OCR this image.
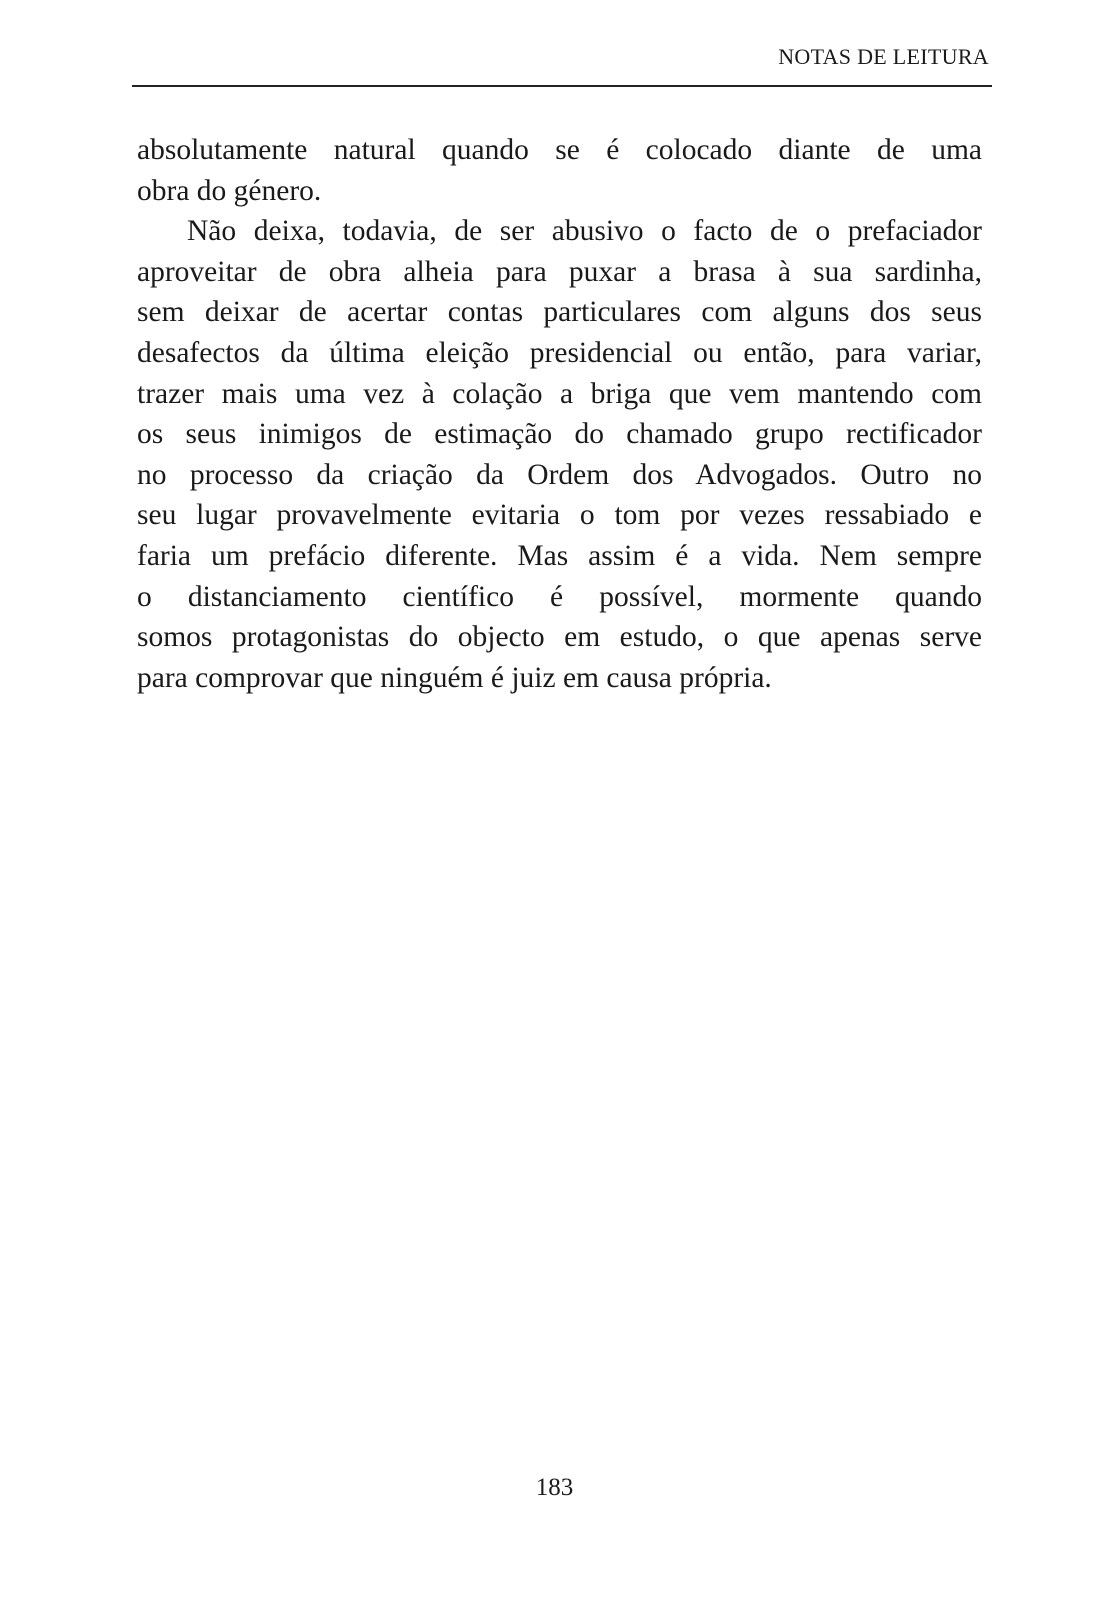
NOTAS DE LEITURA
absolutamente natural quando se é colocado diante de uma
obra do género.
Não deixa, todavia, de ser abusivo o facto de o prefaciador
aproveitar de obra alheia para puxar a brasa à sua sardinha,
sem deixar de acertar contas particulares com alguns dos seus
desafectos da última eleição presidencial ou então, para variar,
trazer mais uma vez à colação a briga que vem mantendo com
os seus inimigos de estimação do chamado grupo rectificador
no processo da criação da Ordem dos Advogados. Outro no
seu lugar provavelmente evitaria o tom por vezes ressabiado e
faria um prefácio diferente. Mas assim é a vida. Nem sempre
o distanciamento científico é possível, mormente quando
somos protagonistas do objecto em estudo, o que apenas serve
para comprovar que ninguém é juiz em causa própria.
183
